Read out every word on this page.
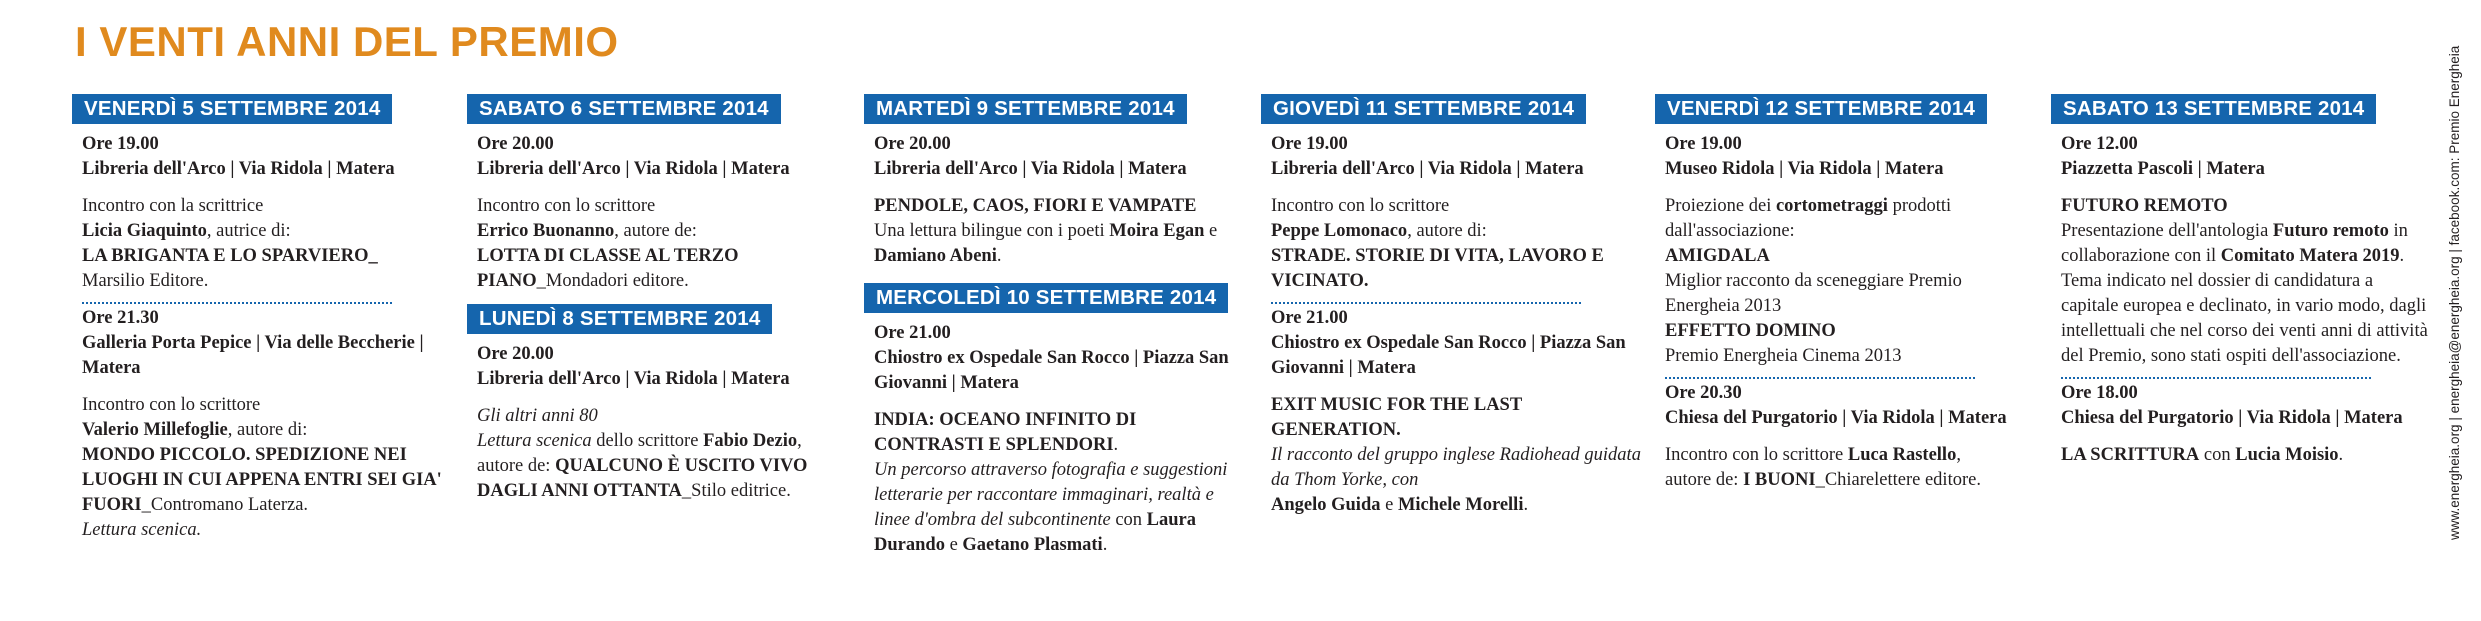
I VENTI ANNI DEL PREMIO
VENERDÌ 5 SETTEMBRE 2014
Ore 19.00
Libreria dell'Arco | Via Ridola | Matera
Incontro con la scrittrice
Licia Giaquinto, autrice di:
LA BRIGANTA E LO SPARVIERO_
Marsilio Editore.
Ore 21.30
Galleria Porta Pepice | Via delle Beccherie | Matera
Incontro con lo scrittore
Valerio Millefoglie, autore di:
MONDO PICCOLO. SPEDIZIONE NEI LUOGHI IN CUI APPENA ENTRI SEI GIA' FUORI_Contromano Laterza.
Lettura scenica.
SABATO 6 SETTEMBRE 2014
Ore 20.00
Libreria dell'Arco | Via Ridola | Matera
Incontro con lo scrittore
Errico Buonanno, autore de:
LOTTA DI CLASSE AL TERZO PIANO_Mondadori editore.
LUNEDÌ 8 SETTEMBRE 2014
Ore 20.00
Libreria dell'Arco | Via Ridola | Matera
Gli altri anni 80
Lettura scenica dello scrittore Fabio Dezio, autore de: QUALCUNO È USCITO VIVO DAGLI ANNI OTTANTA_Stilo editrice.
MARTEDÌ 9 SETTEMBRE 2014
Ore 20.00
Libreria dell'Arco | Via Ridola | Matera
PENDOLE, CAOS, FIORI E VAMPATE
Una lettura bilingue con i poeti Moira Egan e Damiano Abeni.
MERCOLEDÌ 10 SETTEMBRE 2014
Ore 21.00
Chiostro ex Ospedale San Rocco | Piazza San Giovanni | Matera
INDIA: OCEANO INFINITO DI CONTRASTI E SPLENDORI.
Un percorso attraverso fotografia e suggestioni letterarie per raccontare immaginari, realtà e linee d'ombra del subcontinente con Laura Durando e Gaetano Plasmati.
GIOVEDÌ 11 SETTEMBRE 2014
Ore 19.00
Libreria dell'Arco | Via Ridola | Matera
Incontro con lo scrittore
Peppe Lomonaco, autore di:
STRADE. STORIE DI VITA, LAVORO E VICINATO.
Ore 21.00
Chiostro ex Ospedale San Rocco | Piazza San Giovanni | Matera
EXIT MUSIC FOR THE LAST GENERATION.
Il racconto del gruppo inglese Radiohead guidata da Thom Yorke, con
Angelo Guida e Michele Morelli.
VENERDÌ 12 SETTEMBRE 2014
Ore 19.00
Museo Ridola | Via Ridola | Matera
Proiezione dei cortometraggi prodotti dall'associazione:
AMIGDALA
Miglior racconto da sceneggiare Premio Energheia 2013
EFFETTO DOMINO
Premio Energheia Cinema 2013
Ore 20.30
Chiesa del Purgatorio | Via Ridola | Matera
Incontro con lo scrittore Luca Rastello,
autore de: I BUONI_Chiarelettere editore.
SABATO 13 SETTEMBRE 2014
Ore 12.00
Piazzetta Pascoli | Matera
FUTURO REMOTO
Presentazione dell'antologia Futuro remoto in collaborazione con il Comitato Matera 2019. Tema indicato nel dossier di candidatura a capitale europea e declinato, in vario modo, dagli intellettuali che nel corso dei venti anni di attività del Premio, sono stati ospiti dell'associazione.
Ore 18.00
Chiesa del Purgatorio | Via Ridola | Matera
LA SCRITTURA con Lucia Moisio.	www.energheia.org | energheia@energheia.org | facebook.com: Premio Energheia
